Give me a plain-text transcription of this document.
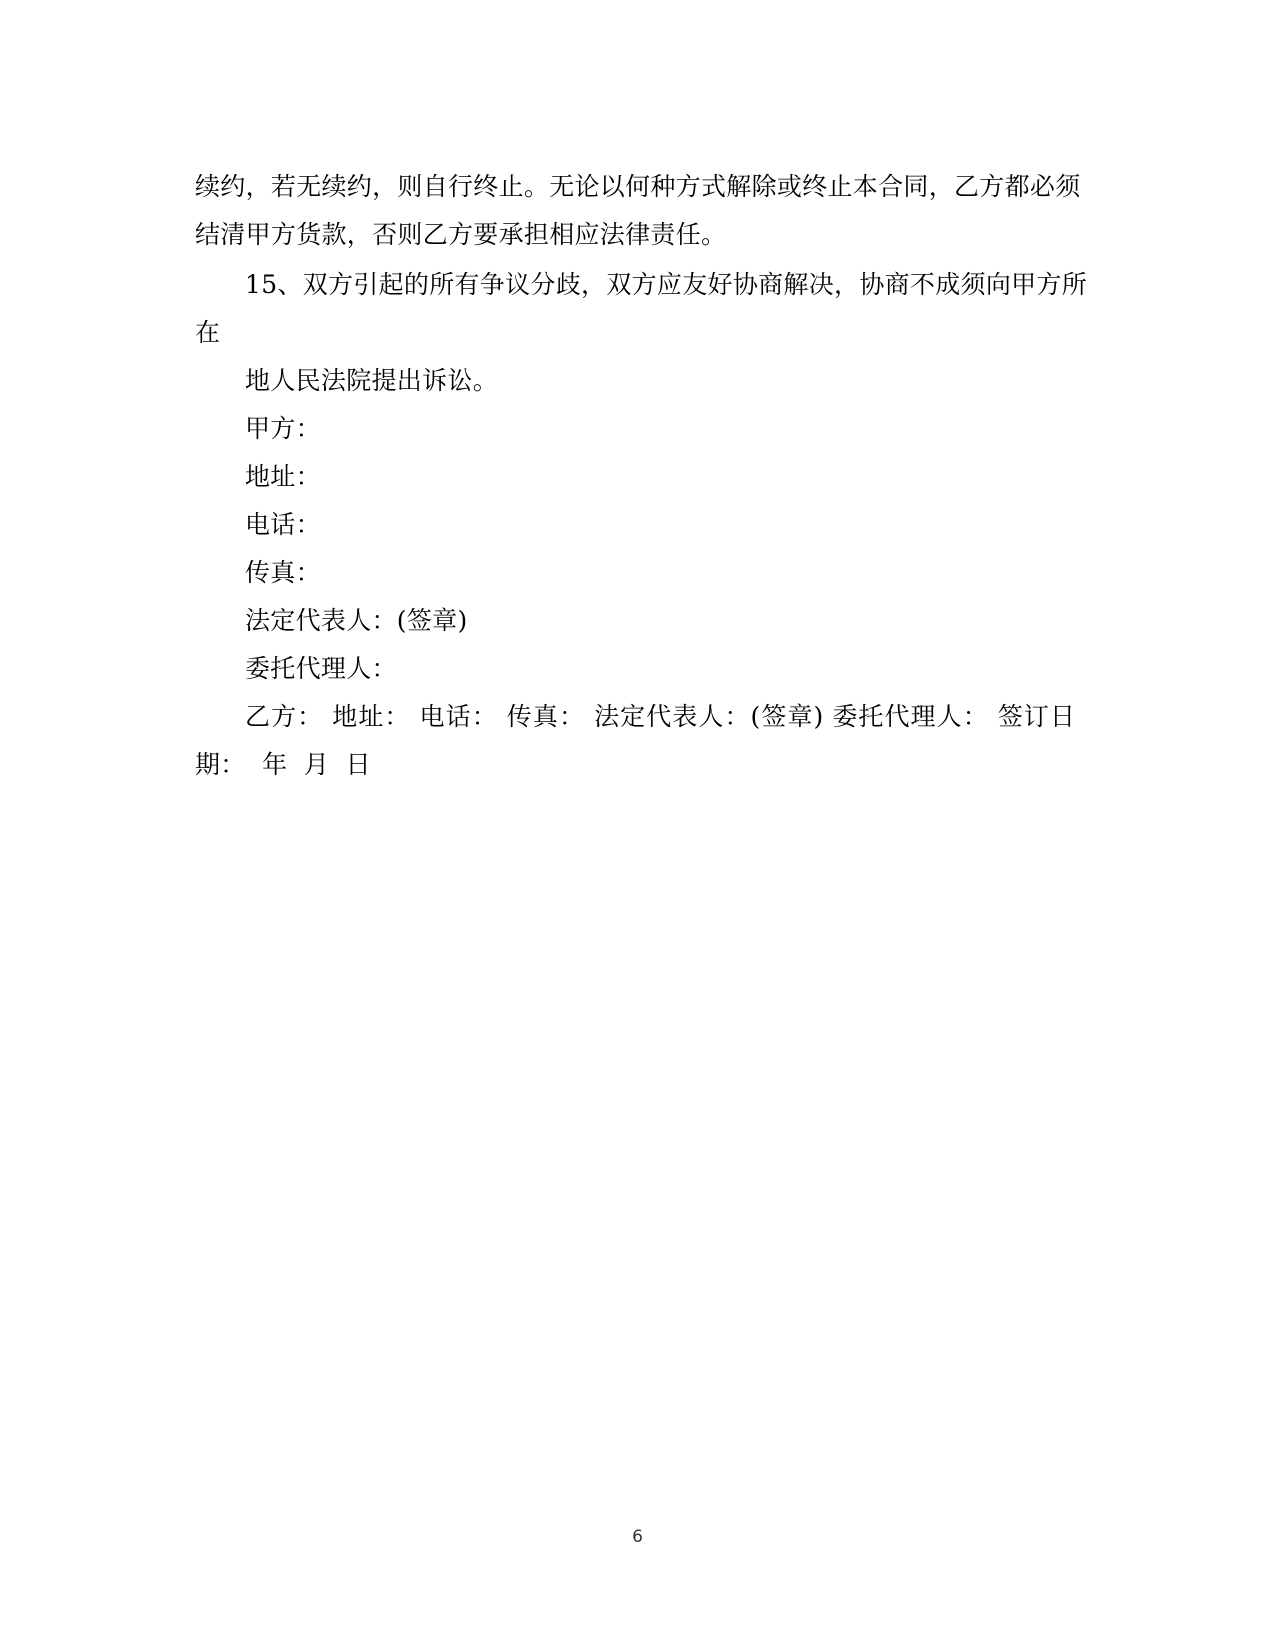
续约，若无续约，则自行终止。无论以何种方式解除或终止本合同，乙方都必须
结清甲方货款，否则乙方要承担相应法律责任。
15、双方引起的所有争议分歧，双方应友好协商解决，协商不成须向甲方所
在
地人民法院提出诉讼。
甲方：
地址：
电话：
传真：
法定代表人：(签章)
委托代理人：
乙方： 地址： 电话： 传真： 法定代表人：(签章) 委托代理人： 签订日
期：  年  月  日
6
